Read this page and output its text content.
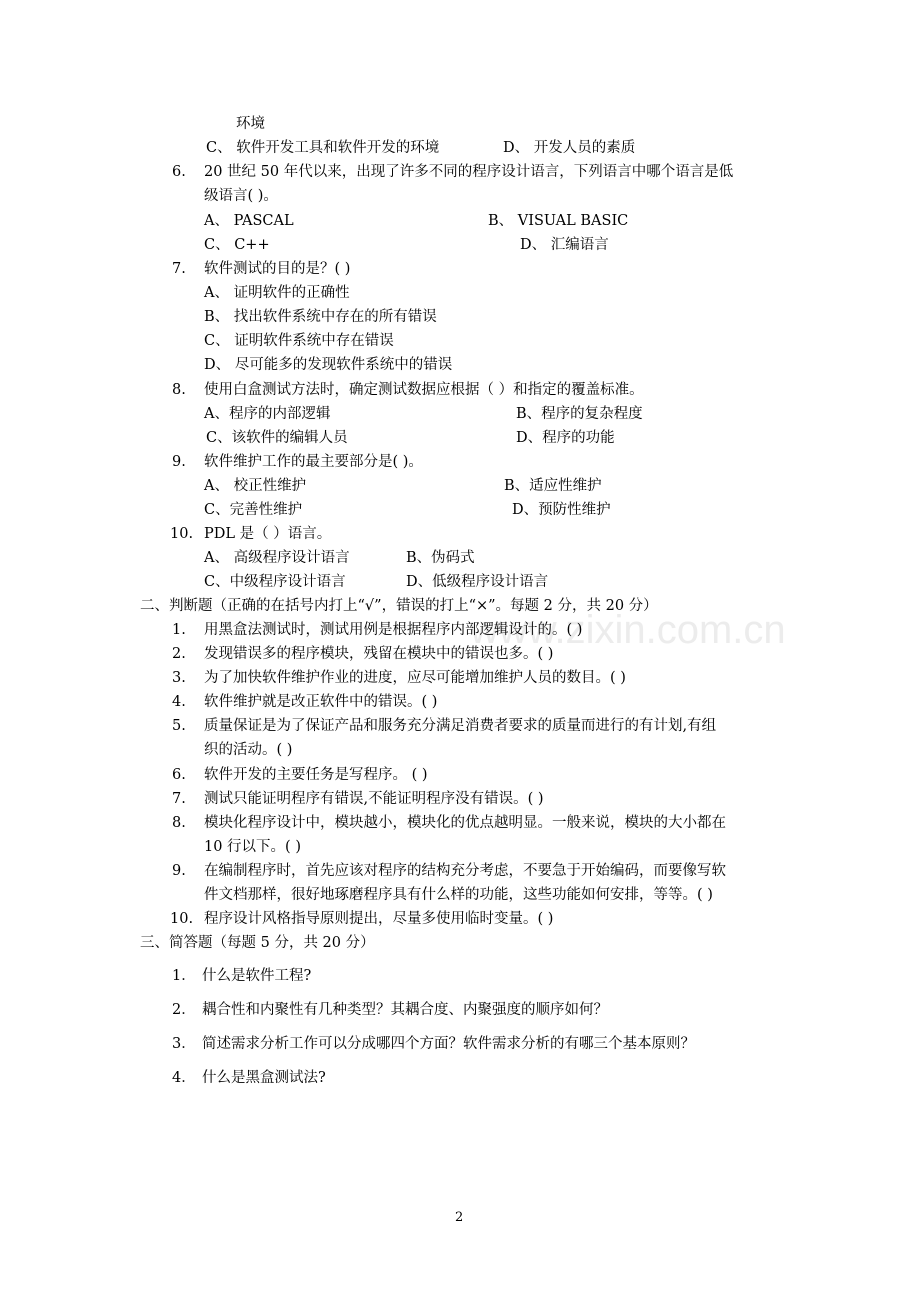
www.zixin.com.cn
环境
C、 软件开发工具和软件开发的环境	D、 开发人员的素质
6. 20 世纪 50 年代以来，出现了许多不同的程序设计语言，下列语言中哪个语言是低
级语言( )。
A、 PASCAL	B、 VISUAL BASIC
C、 C++	D、 汇编语言
7. 软件测试的目的是？( )
A、 证明软件的正确性
B、 找出软件系统中存在的所有错误
C、 证明软件系统中存在错误
D、 尽可能多的发现软件系统中的错误
8. 使用白盒测试方法时，确定测试数据应根据（ ）和指定的覆盖标准。
A、程序的内部逻辑	B、程序的复杂程度
C、该软件的编辑人员	D、程序的功能
9. 软件维护工作的最主要部分是( )。
A、 校正性维护	B、适应性维护
C、完善性维护	D、预防性维护
10. PDL 是（ ）语言。
A、 高级程序设计语言	B、伪码式
C、中级程序设计语言	D、低级程序设计语言
二、判断题（正确的在括号内打上“√”，错误的打上“×”。每题 2 分，共 20 分）
1. 用黑盒法测试时，测试用例是根据程序内部逻辑设计的。( )
2. 发现错误多的程序模块，残留在模块中的错误也多。( )
3. 为了加快软件维护作业的进度，应尽可能增加维护人员的数目。( )
4. 软件维护就是改正软件中的错误。( )
5. 质量保证是为了保证产品和服务充分满足消费者要求的质量而进行的有计划,有组
织的活动。( )
6. 软件开发的主要任务是写程序。 ( )
7. 测试只能证明程序有错误,不能证明程序没有错误。( )
8. 模块化程序设计中，模块越小，模块化的优点越明显。一般来说，模块的大小都在
10 行以下。( )
9. 在编制程序时，首先应该对程序的结构充分考虑，不要急于开始编码，而要像写软
件文档那样，很好地琢磨程序具有什么样的功能，这些功能如何安排，等等。( )
10. 程序设计风格指导原则提出，尽量多使用临时变量。( )
三、简答题（每题 5 分，共 20 分）
1． 什么是软件工程?
2． 耦合性和内聚性有几种类型？其耦合度、内聚强度的顺序如何？
3． 简述需求分析工作可以分成哪四个方面？软件需求分析的有哪三个基本原则？
4． 什么是黑盒测试法?
2
